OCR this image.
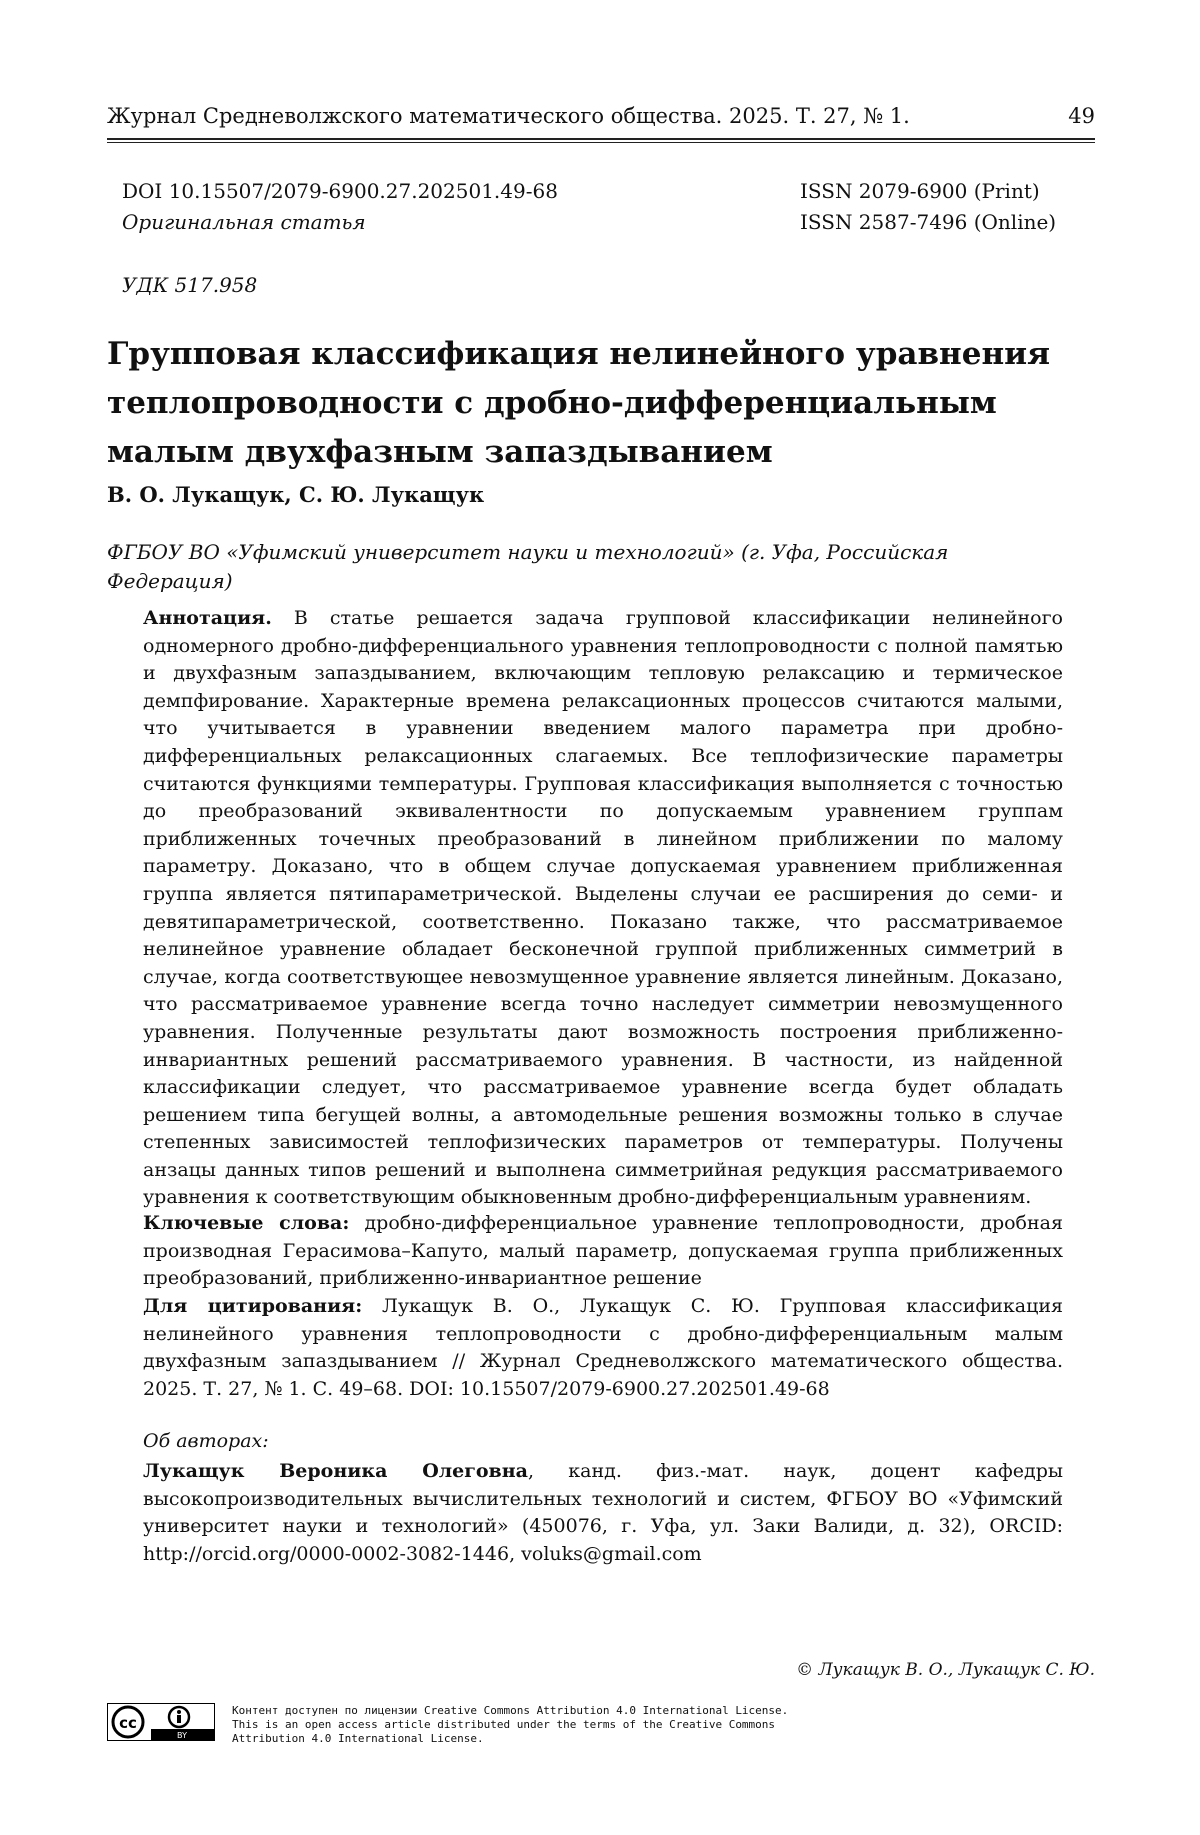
Журнал Средневолжского математического общества. 2025. Т. 27, № 1.	49
DOI 10.15507/2079-6900.27.202501.49-68
Оригинальная статья
ISSN 2079-6900 (Print)
ISSN 2587-7496 (Online)
УДК 517.958
Групповая классификация нелинейного уравнения теплопроводности с дробно-дифференциальным малым двухфазным запаздыванием
В. О. Лукащук, С. Ю. Лукащук
ФГБОУ ВО «Уфимский университет науки и технологий» (г. Уфа, Российская Федерация)

Аннотация. В статье решается задача групповой классификации нелинейного одномерного дробно-дифференциального уравнения теплопроводности с полной памятью и двухфазным запаздыванием, включающим тепловую релаксацию и термическое демпфирование. Характерные времена релаксационных процессов считаются малыми, что учитывается в уравнении введением малого параметра при дробно-дифференциальных релаксационных слагаемых. Все теплофизические параметры считаются функциями температуры. Групповая классификация выполняется с точностью до преобразований эквивалентности по допускаемым уравнением группам приближенных точечных преобразований в линейном приближении по малому параметру. Доказано, что в общем случае допускаемая уравнением приближенная группа является пятипараметрической. Выделены случаи ее расширения до семи- и девятипараметрической, соответственно. Показано также, что рассматриваемое нелинейное уравнение обладает бесконечной группой приближенных симметрий в случае, когда соответствующее невозмущенное уравнение является линейным. Доказано, что рассматриваемое уравнение всегда точно наследует симметрии невозмущенного уравнения. Полученные результаты дают возможность построения приближенно-инвариантных решений рассматриваемого уравнения. В частности, из найденной классификации следует, что рассматриваемое уравнение всегда будет обладать решением типа бегущей волны, а автомодельные решения возможны только в случае степенных зависимостей теплофизических параметров от температуры. Получены анзацы данных типов решений и выполнена симметрийная редукция рассматриваемого уравнения к соответствующим обыкновенным дробно-дифференциальным уравнениям.

Ключевые слова: дробно-дифференциальное уравнение теплопроводности, дробная производная Герасимова–Капуто, малый параметр, допускаемая группа приближенных преобразований, приближенно-инвариантное решение

Для цитирования: Лукащук В. О., Лукащук С. Ю. Групповая классификация нелинейного уравнения теплопроводности с дробно-дифференциальным малым двухфазным запаздыванием // Журнал Средневолжского математического общества. 2025. Т. 27, № 1. С. 49–68. DOI: 10.15507/2079-6900.27.202501.49-68

Об авторах:

Лукащук Вероника Олеговна, канд. физ.-мат. наук, доцент кафедры высокопроизводительных вычислительных технологий и систем, ФГБОУ ВО «Уфимский университет науки и технологий» (450076, г. Уфа, ул. Заки Валиди, д. 32), ORCID: http://orcid.org/0000-0002-3082-1446, voluks@gmail.com

© Лукащук В. О., Лукащук С. Ю.
cc
BY
Контент доступен по лицензии Creative Commons Attribution 4.0 International License.
This is an open access article distributed under the terms of the Creative Commons
Attribution 4.0 International License.
